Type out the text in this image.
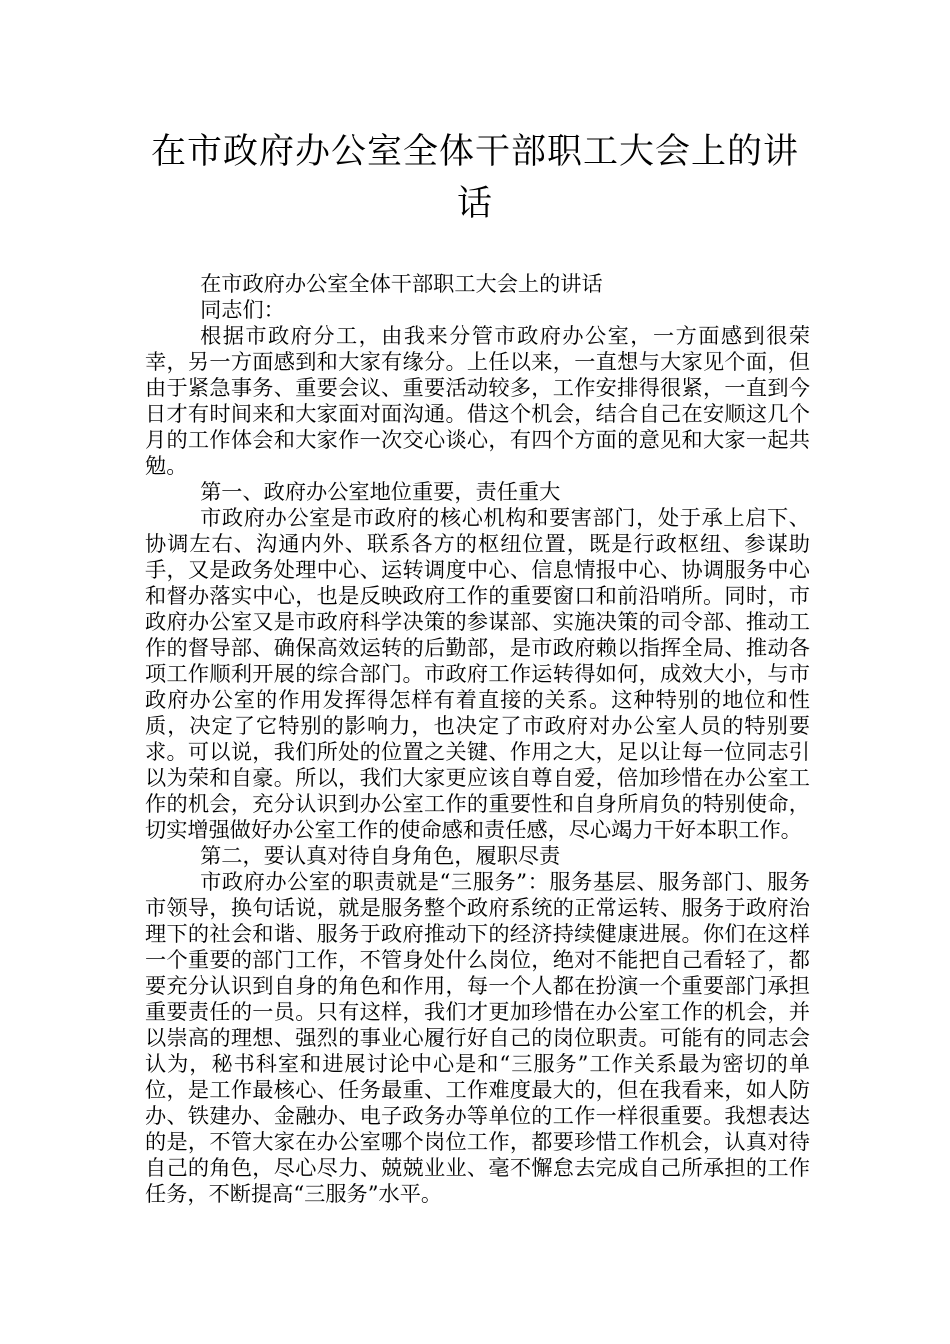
在市政府办公室全体干部职工大会上的讲话

在市政府办公室全体干部职工大会上的讲话

同志们：

根据市政府分工，由我来分管市政府办公室，一方面感到很荣幸，另一方面感到和大家有缘分。上任以来，一直想与大家见个面，但由于紧急事务、重要会议、重要活动较多，工作安排得很紧，一直到今日才有时间来和大家面对面沟通。借这个机会，结合自己在安顺这几个月的工作体会和大家作一次交心谈心，有四个方面的意见和大家一起共勉。

第一、政府办公室地位重要，责任重大

市政府办公室是市政府的核心机构和要害部门，处于承上启下、协调左右、沟通内外、联系各方的枢纽位置，既是行政枢纽、参谋助手，又是政务处理中心、运转调度中心、信息情报中心、协调服务中心和督办落实中心，也是反映政府工作的重要窗口和前沿哨所。同时，市政府办公室又是市政府科学决策的参谋部、实施决策的司令部、推动工作的督导部、确保高效运转的后勤部，是市政府赖以指挥全局、推动各项工作顺利开展的综合部门。市政府工作运转得如何，成效大小，与市政府办公室的作用发挥得怎样有着直接的关系。这种特别的地位和性质，决定了它特别的影响力，也决定了市政府对办公室人员的特别要求。可以说，我们所处的位置之关键、作用之大，足以让每一位同志引以为荣和自豪。所以，我们大家更应该自尊自爱，倍加珍惜在办公室工作的机会，充分认识到办公室工作的重要性和自身所肩负的特别使命，切实增强做好办公室工作的使命感和责任感，尽心竭力干好本职工作。

第二，要认真对待自身角色，履职尽责

市政府办公室的职责就是“三服务”：服务基层、服务部门、服务市领导，换句话说，就是服务整个政府系统的正常运转、服务于政府治理下的社会和谐、服务于政府推动下的经济持续健康进展。你们在这样一个重要的部门工作，不管身处什么岗位，绝对不能把自己看轻了，都要充分认识到自身的角色和作用，每一个人都在扮演一个重要部门承担重要责任的一员。只有这样，我们才更加珍惜在办公室工作的机会，并以崇高的理想、强烈的事业心履行好自己的岗位职责。可能有的同志会认为，秘书科室和进展讨论中心是和“三服务”工作关系最为密切的单位，是工作最核心、任务最重、工作难度最大的，但在我看来，如人防办、铁建办、金融办、电子政务办等单位的工作一样很重要。我想表达的是，不管大家在办公室哪个岗位工作，都要珍惜工作机会，认真对待自己的角色，尽心尽力、兢兢业业、毫不懈怠去完成自己所承担的工作任务，不断提高“三服务”水平。
